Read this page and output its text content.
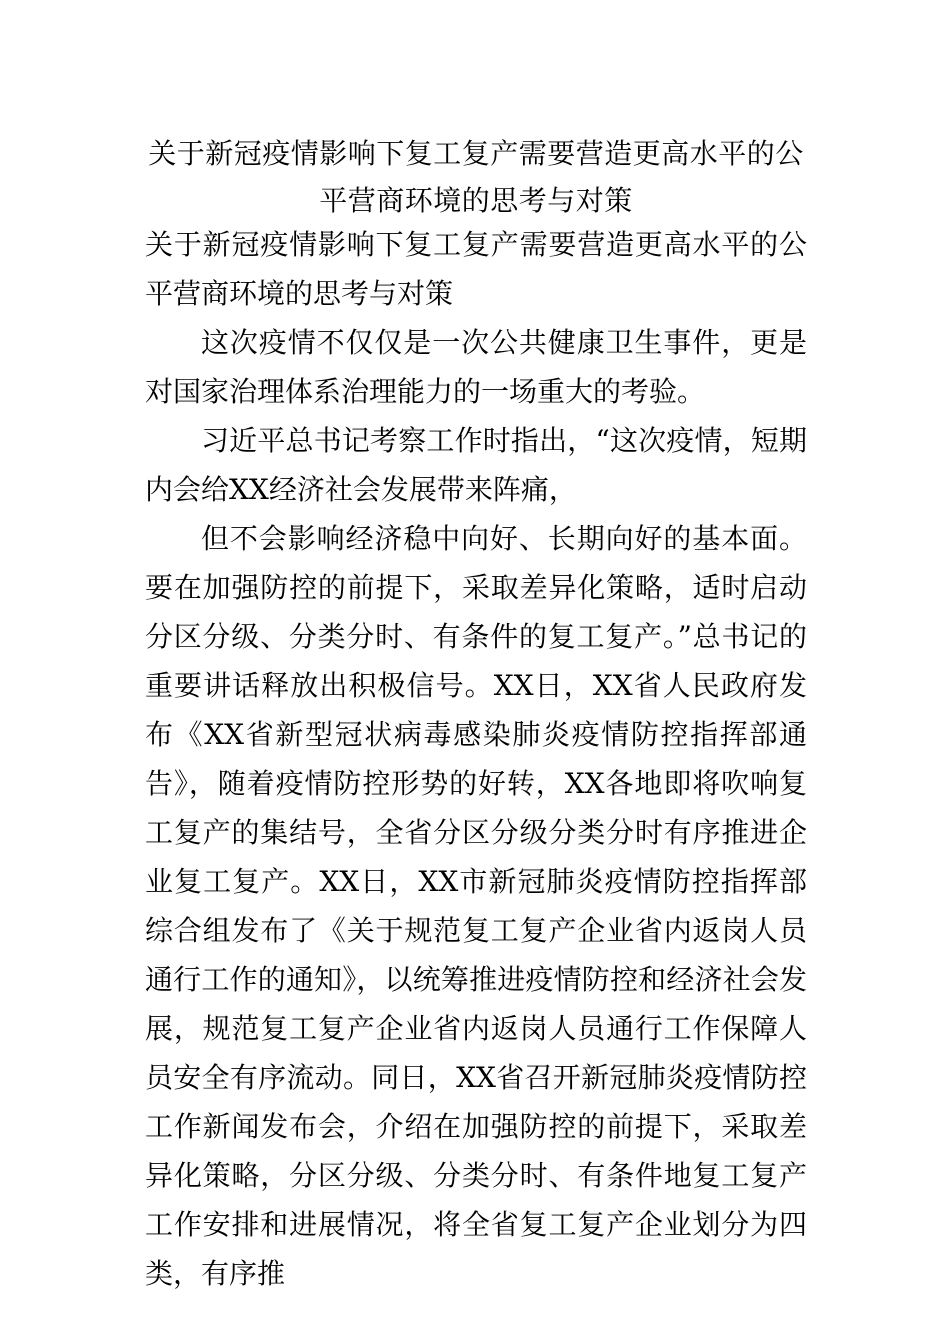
关于新冠疫情影响下复工复产需要营造更高水平的公平营商环境的思考与对策

关于新冠疫情影响下复工复产需要营造更高水平的公平营商环境的思考与对策

这次疫情不仅仅是一次公共健康卫生事件，更是对国家治理体系治理能力的一场重大的考验。

习近平总书记考察工作时指出，“这次疫情，短期内会给XX经济社会发展带来阵痛，

但不会影响经济稳中向好、长期向好的基本面。要在加强防控的前提下，采取差异化策略，适时启动分区分级、分类分时、有条件的复工复产。”总书记的重要讲话释放出积极信号。XX日，XX省人民政府发布《XX省新型冠状病毒感染肺炎疫情防控指挥部通告》，随着疫情防控形势的好转，XX各地即将吹响复工复产的集结号，全省分区分级分类分时有序推进企业复工复产。XX日，XX市新冠肺炎疫情防控指挥部综合组发布了《关于规范复工复产企业省内返岗人员通行工作的通知》，以统筹推进疫情防控和经济社会发展，规范复工复产企业省内返岗人员通行工作保障人员安全有序流动。同日，XX省召开新冠肺炎疫情防控工作新闻发布会，介绍在加强防控的前提下，采取差异化策略，分区分级、分类分时、有条件地复工复产工作安排和进展情况，将全省复工复产企业划分为四类，有序推
